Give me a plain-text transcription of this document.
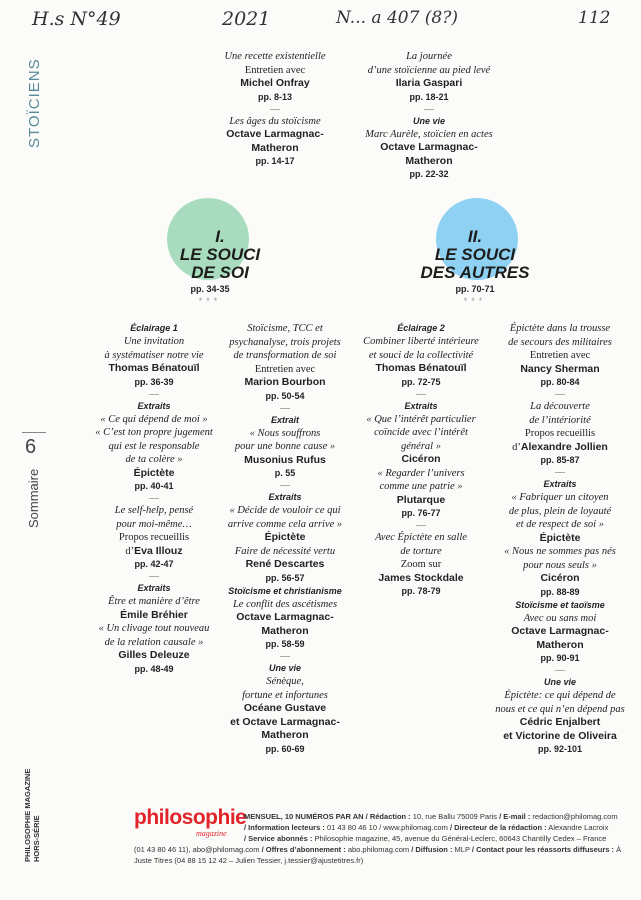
H.s N°49	2021	N... a 407 (8?)	112
STOÏCIENS
6
Sommaire
PHILOSOPHIE MAGAZINE HORS-SÉRIE
Une recette existentielle
Entretien avec
Michel Onfray
pp. 8-13
—
Les âges du stoïcisme
Octave Larmagnac-
Matheron
pp. 14-17
La journée
d’une stoïcienne au pied levé
Ilaria Gaspari
pp. 18-21
—
Une vie
Marc Aurèle, stoïcien en actes
Octave Larmagnac-
Matheron
pp. 22-32
I.
LE SOUCI
DE SOI
pp. 34-35
***
II.
LE SOUCI
DES AUTRES
pp. 70-71
***
Éclairage 1
Une invitation
à systématiser notre vie
Thomas Bénatouïl
pp. 36-39
—
Extraits
« Ce qui dépend de moi »
« C’est ton propre jugement
qui est le responsable
de ta colère »
Épictète
pp. 40-41
—
Le self-help, pensé
pour moi-même…
Propos recueillis
d’Eva Illouz
pp. 42-47
—
Extraits
Être et manière d’être
Émile Bréhier
« Un clivage tout nouveau
de la relation causale »
Gilles Deleuze
pp. 48-49
Stoïcisme, TCC et
psychanalyse, trois projets
de transformation de soi
Entretien avec
Marion Bourbon
pp. 50-54
—
Extrait
« Nous souffrons
pour une bonne cause »
Musonius Rufus
p. 55
—
Extraits
« Décide de vouloir ce qui
arrive comme cela arrive »
Épictète
Faire de nécessité vertu
René Descartes
pp. 56-57
Stoïcisme et christianisme
Le conflit des ascétismes
Octave Larmagnac-
Matheron
pp. 58-59
—
Une vie
Sénèque,
fortune et infortunes
Océane Gustave
et Octave Larmagnac-
Matheron
pp. 60-69
Éclairage 2
Combiner liberté intérieure
et souci de la collectivité
Thomas Bénatouïl
pp. 72-75
—
Extraits
« Que l’intérêt particulier
coïncide avec l’intérêt
général »
Cicéron
« Regarder l’univers
comme une patrie »
Plutarque
pp. 76-77
—
Avec Épictète en salle
de torture
Zoom sur
James Stockdale
pp. 78-79
Épictète dans la trousse
de secours des militaires
Entretien avec
Nancy Sherman
pp. 80-84
—
La découverte
de l’intériorité
Propos recueillis
d’Alexandre Jollien
pp. 85-87
—
Extraits
« Fabriquer un citoyen
de plus, plein de loyauté
et de respect de soi »
Épictète
« Nous ne sommes pas nés
pour nous seuls »
Cicéron
pp. 88-89
Stoïcisme et taoïsme
Avec ou sans moi
Octave Larmagnac-
Matheron
pp. 90-91
—
Une vie
Épictète: ce qui dépend de
nous et ce qui n’en dépend pas
Cédric Enjalbert
et Victorine de Oliveira
pp. 92-101
philosophie
magazine
MENSUEL, 10 NUMÉROS PAR AN / Rédaction : 10, rue Ballu 75009 Paris / E-mail : redaction@philomag.com
/ Information lecteurs : 01 43 80 46 10 / www.philomag.com / Directeur de la rédaction : Alexandre Lacroix
/ Service abonnés : Philosophie magazine, 45, avenue du Général-Leclerc, 60643 Chantilly Cedex – France
(01 43 80 46 11), abo@philomag.com / Offres d’abonnement : abo.philomag.com / Diffusion : MLP / Contact pour les réassorts diffuseurs : À
Juste Titres (04 88 15 12 42 – Julien Tessier, j.tessier@ajustetitres.fr)
